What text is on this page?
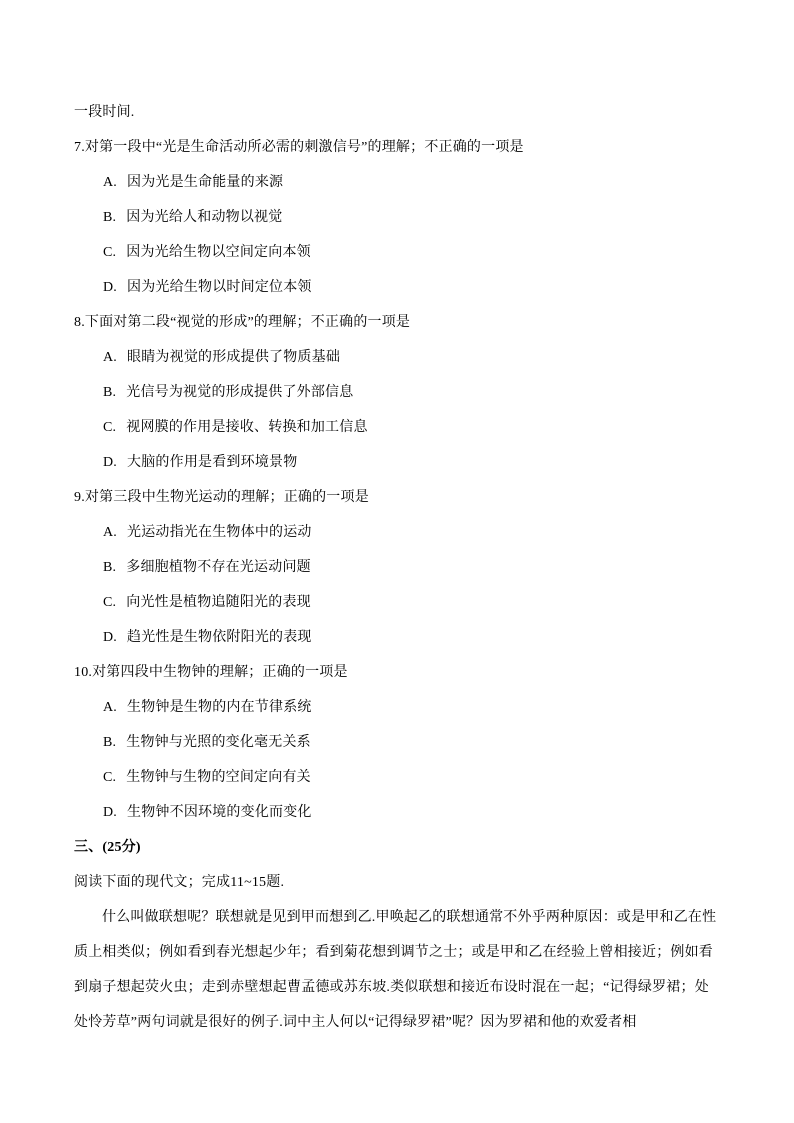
一段时间.
7.对第一段中“光是生命活动所必需的刺激信号”的理解；不正确的一项是
A. 因为光是生命能量的来源
B. 因为光给人和动物以视觉
C. 因为光给生物以空间定向本领
D. 因为光给生物以时间定位本领
8.下面对第二段“视觉的形成”的理解；不正确的一项是
A. 眼睛为视觉的形成提供了物质基础
B. 光信号为视觉的形成提供了外部信息
C. 视网膜的作用是接收、转换和加工信息
D. 大脑的作用是看到环境景物
9.对第三段中生物光运动的理解；正确的一项是
A. 光运动指光在生物体中的运动
B. 多细胞植物不存在光运动问题
C. 向光性是植物追随阳光的表现
D. 趋光性是生物依附阳光的表现
10.对第四段中生物钟的理解；正确的一项是
A. 生物钟是生物的内在节律系统
B. 生物钟与光照的变化毫无关系
C. 生物钟与生物的空间定向有关
D. 生物钟不因环境的变化而变化
三、(25分)
阅读下面的现代文；完成11~15题.
什么叫做联想呢？联想就是见到甲而想到乙.甲唤起乙的联想通常不外乎两种原因：或是甲和乙在性
质上相类似；例如看到春光想起少年；看到菊花想到调节之士；或是甲和乙在经验上曾相接近；例如看
到扇子想起荧火虫；走到赤壁想起曹孟德或苏东坡.类似联想和接近布设时混在一起；“记得绿罗裙；处
处怜芳草”两句词就是很好的例子.词中主人何以“记得绿罗裙”呢？因为罗裙和他的欢爱者相
